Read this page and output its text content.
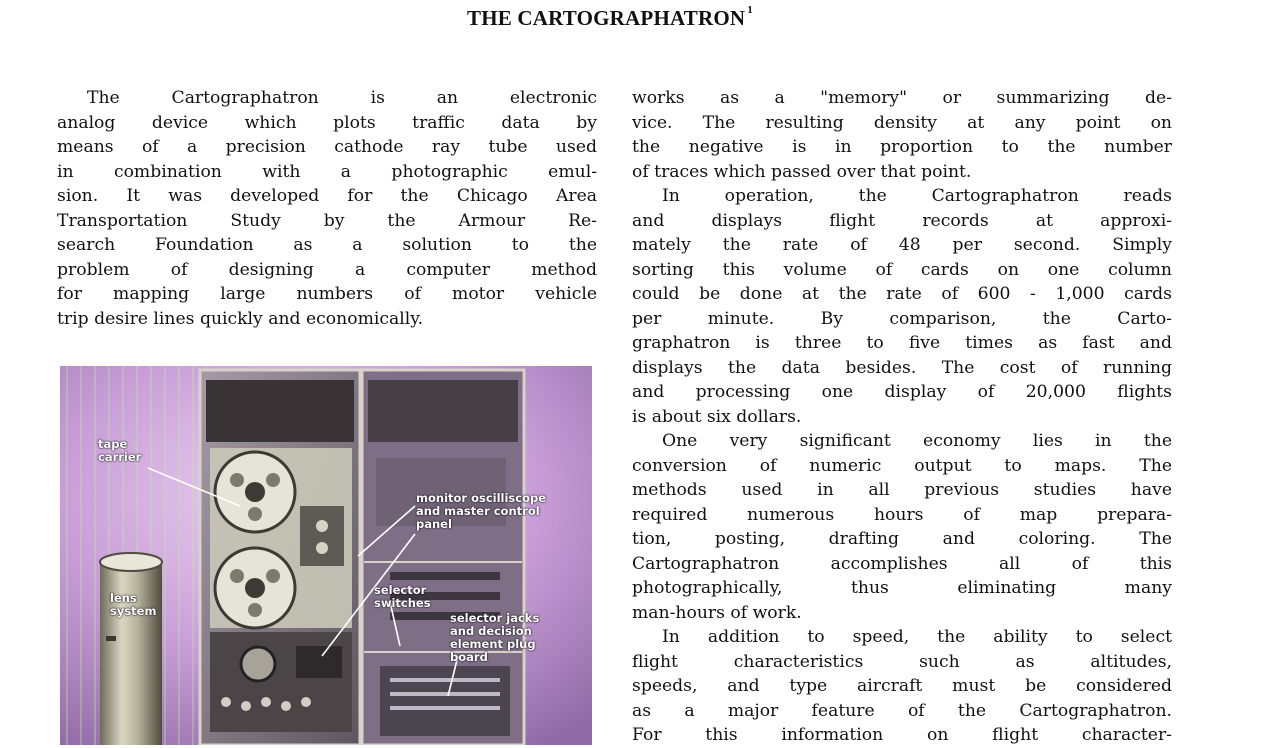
THE CARTOGRAPHATRON $^1$
The Cartographatron is an electronic
analog device which plots traffic data by
means of a precision cathode ray tube used
in combination with a photographic emul-
sion. It was developed for the Chicago Area
Transportation Study by the Armour Re-
search Foundation as a solution to the
problem of designing a computer method
for mapping large numbers of motor vehicle
trip desire lines quickly and economically.
works as a "memory" or summarizing de-
vice. The resulting density at any point on
the negative is in proportion to the number
of traces which passed over that point.
In operation, the Cartographatron reads
and displays flight records at approxi-
mately the rate of 48 per second. Simply
sorting this volume of cards on one column
could be done at the rate of 600 - 1,000 cards
per minute. By comparison, the Carto-
graphatron is three to five times as fast and
displays the data besides. The cost of running
and processing one display of 20,000 flights
is about six dollars.
One very significant economy lies in the
conversion of numeric output to maps. The
methods used in all previous studies have
required numerous hours of map prepara-
tion, posting, drafting and coloring. The
Cartographatron accomplishes all of this
photographically, thus eliminating many
man-hours of work.
In addition to speed, the ability to select
flight characteristics such as altitudes,
speeds, and type aircraft must be considered
as a major feature of the Cartographatron.
For this information on flight character-
tape
carrier
monitor oscilliscope
and master control
panel
lens
system
selector
switches
selector jacks
and decision
element plug
board
